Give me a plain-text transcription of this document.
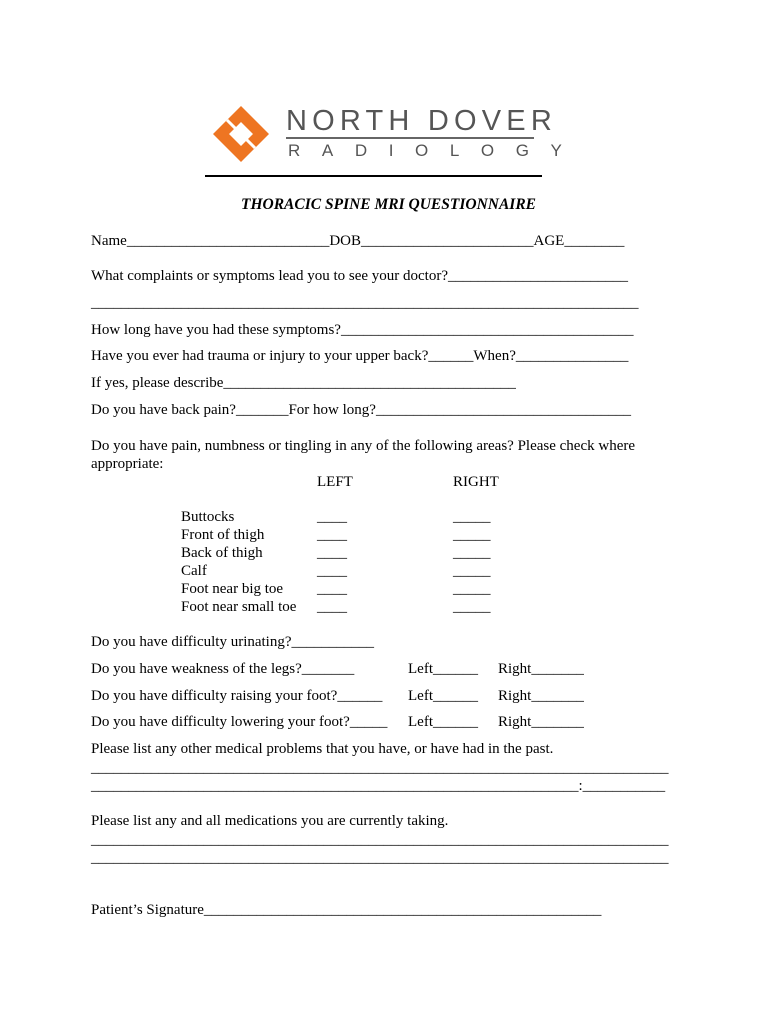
NORTH DOVER
RADIOLOGY
THORACIC SPINE MRI QUESTIONNAIRE
Name___________________________DOB_______________________AGE________
What complaints or symptoms lead you to see your doctor?________________________
_________________________________________________________________________
How long have you had these symptoms?_______________________________________
Have you ever had trauma or injury to your upper back?______When?_______________
If yes, please describe_______________________________________
Do you have back pain?_______For how long?__________________________________
Do you have pain, numbness or tingling in any of the following areas? Please check where
appropriate:
LEFT	RIGHT
Buttocks	____	_____
Front of thigh	____	_____
Back of thigh	____	_____
Calf	____	_____
Foot near big toe ____	_____
Foot near small toe ____	_____
Do you have difficulty urinating?___________
Do you have weakness of the legs?_______	Left______ Right_______
Do you have difficulty raising your foot?______ Left______ Right_______
Do you have difficulty lowering your foot?_____ Left______ Right_______
Please list any other medical problems that you have, or have had in the past.
_____________________________________________________________________________
_________________________________________________________________:___________
Please list any and all medications you are currently taking.
_____________________________________________________________________________
_____________________________________________________________________________
Patient’s Signature_____________________________________________________
